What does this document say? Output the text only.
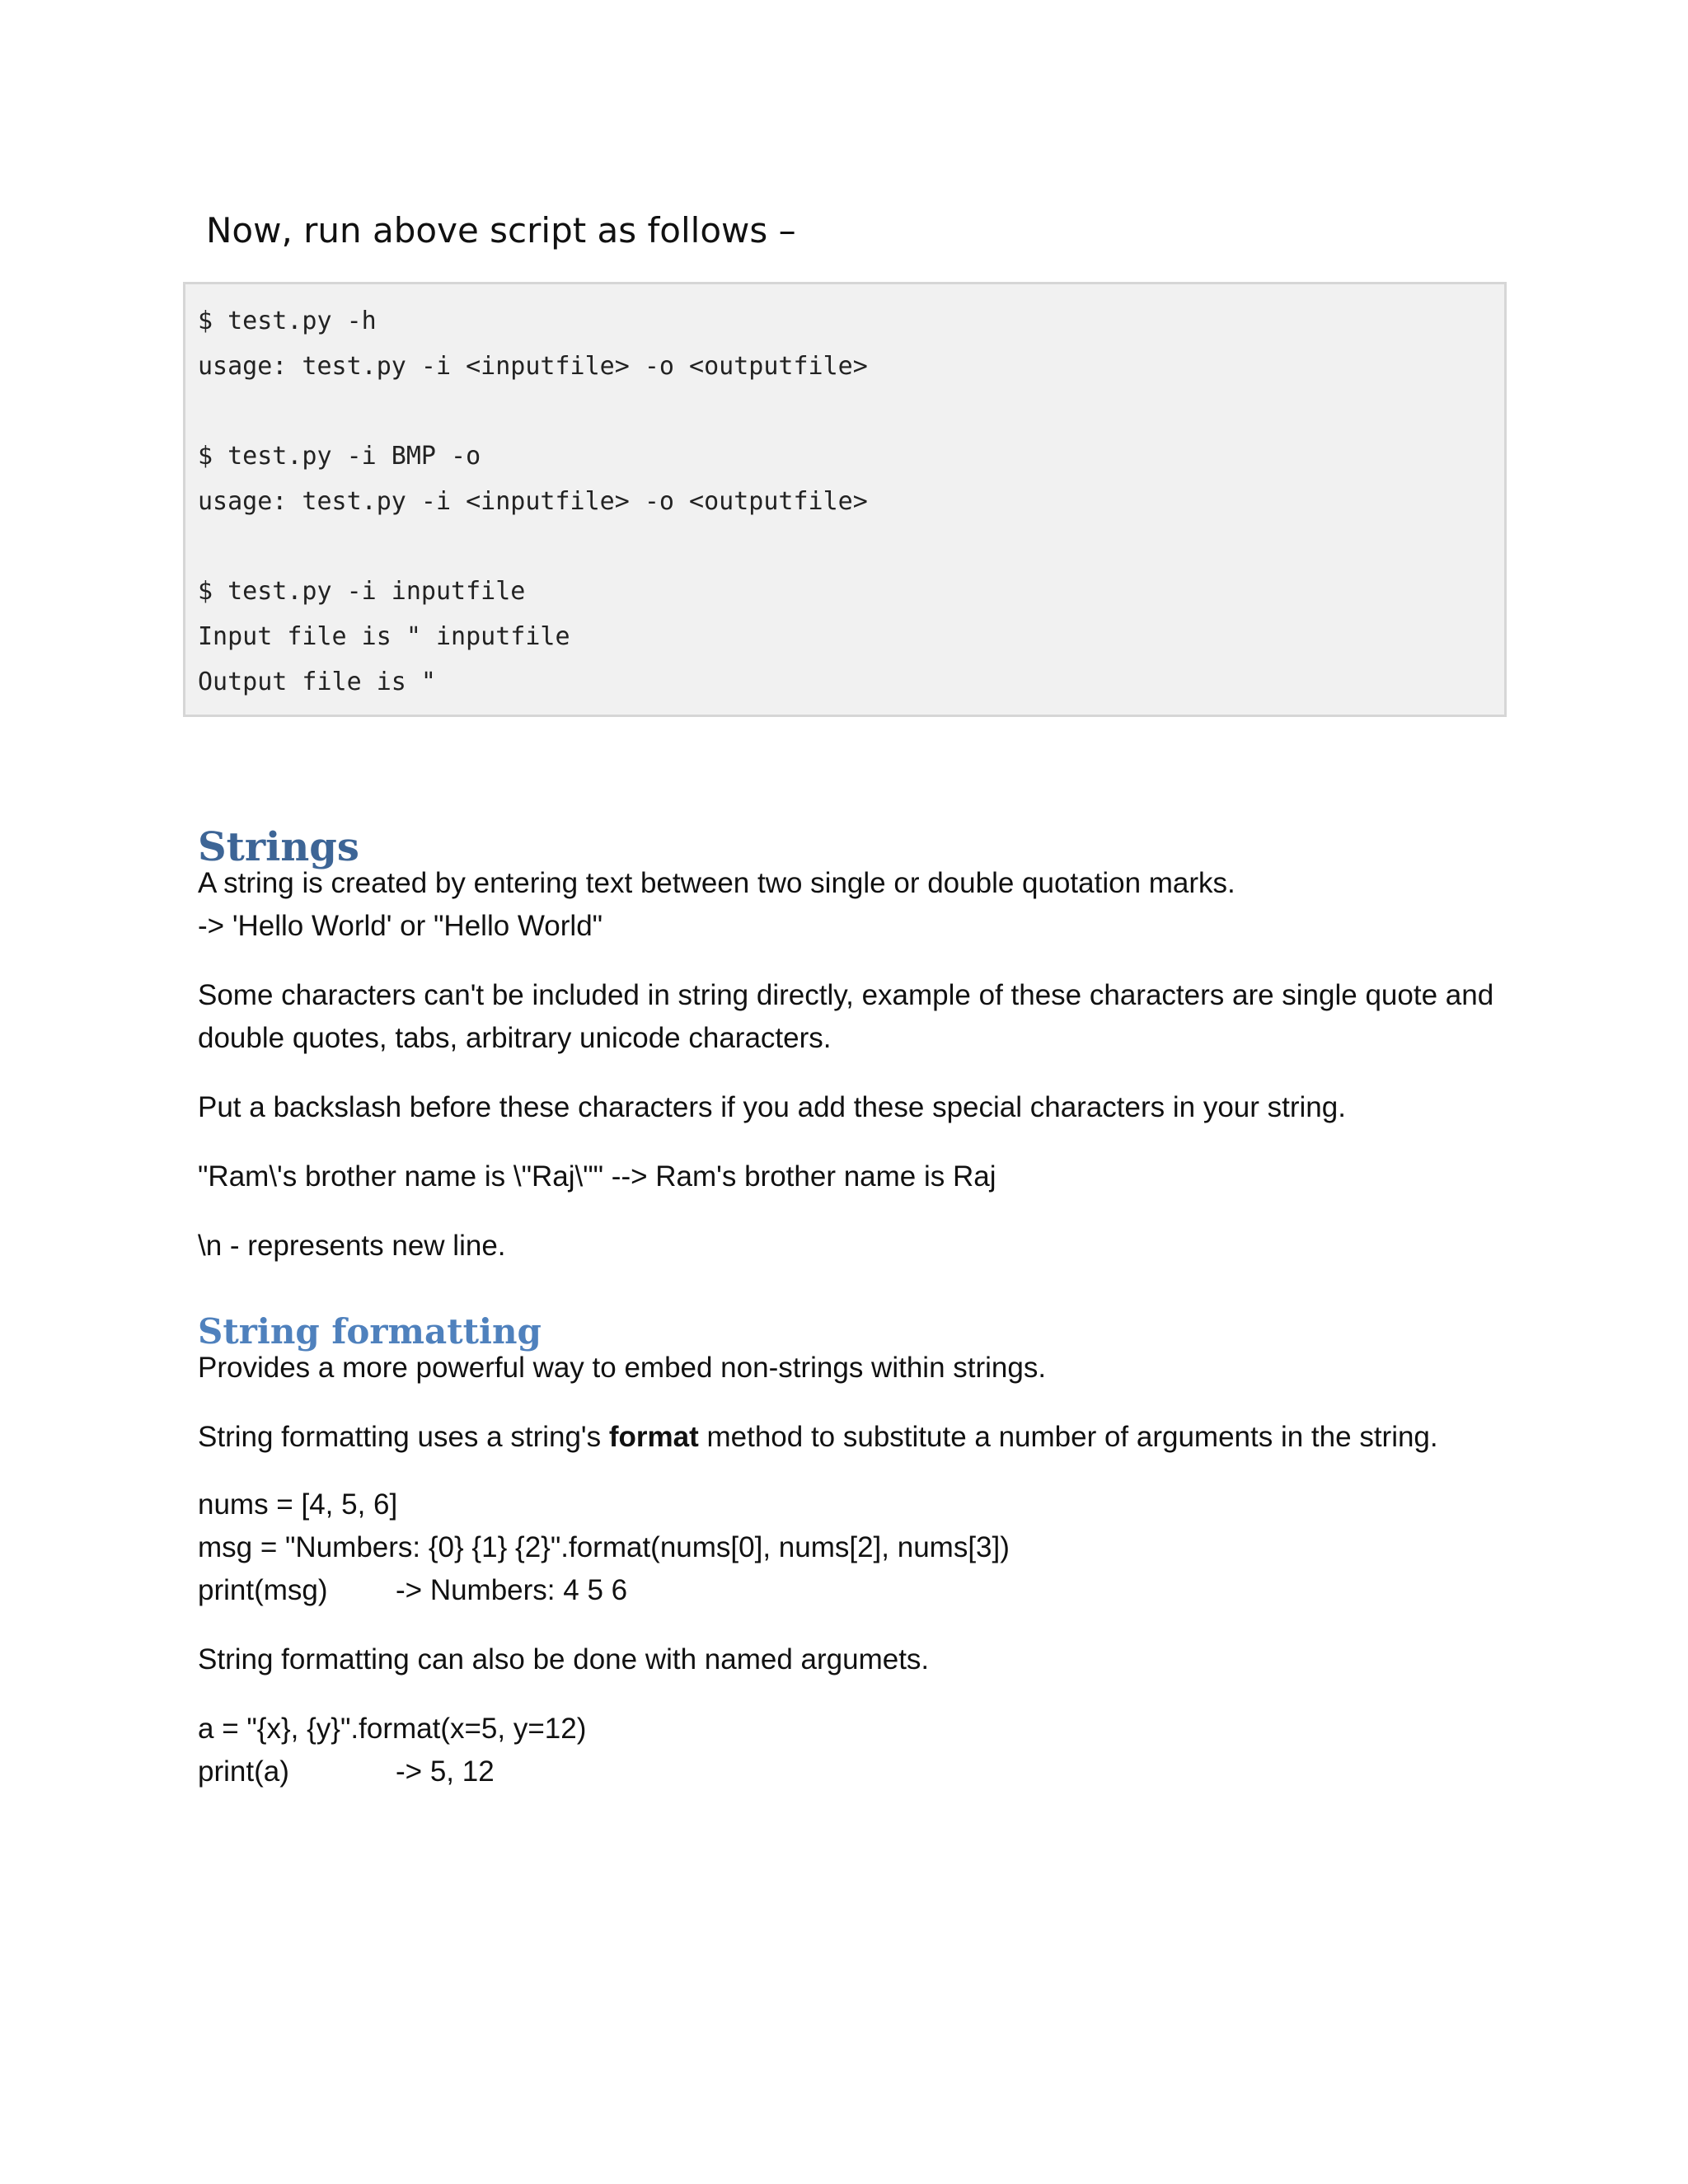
Now, run above script as follows –
$ test.py -h
usage: test.py -i <inputfile> -o <outputfile>
$ test.py -i BMP -o
usage: test.py -i <inputfile> -o <outputfile>
$ test.py -i inputfile
Input file is " inputfile
Output file is "
Strings
A string is created by entering text between two single or double quotation marks.
-> 'Hello World' or "Hello World"
Some characters can't be included in string directly, example of these characters are single quote and
double quotes, tabs, arbitrary unicode characters.
Put a backslash before these characters if you add these special characters in your string.
"Ram\'s brother name is \"Raj\"" --> Ram's brother name is Raj
\n - represents new line.
String formatting
Provides a more powerful way to embed non-strings within strings.
String formatting uses a string's format method to substitute a number of arguments in the string.
nums = [4, 5, 6]
msg = "Numbers: {0} {1} {2}".format(nums[0], nums[2], nums[3])
print(msg) -> Numbers: 4 5 6
String formatting can also be done with named argumets.
a = "{x}, {y}".format(x=5, y=12)
print(a)	-> 5, 12
